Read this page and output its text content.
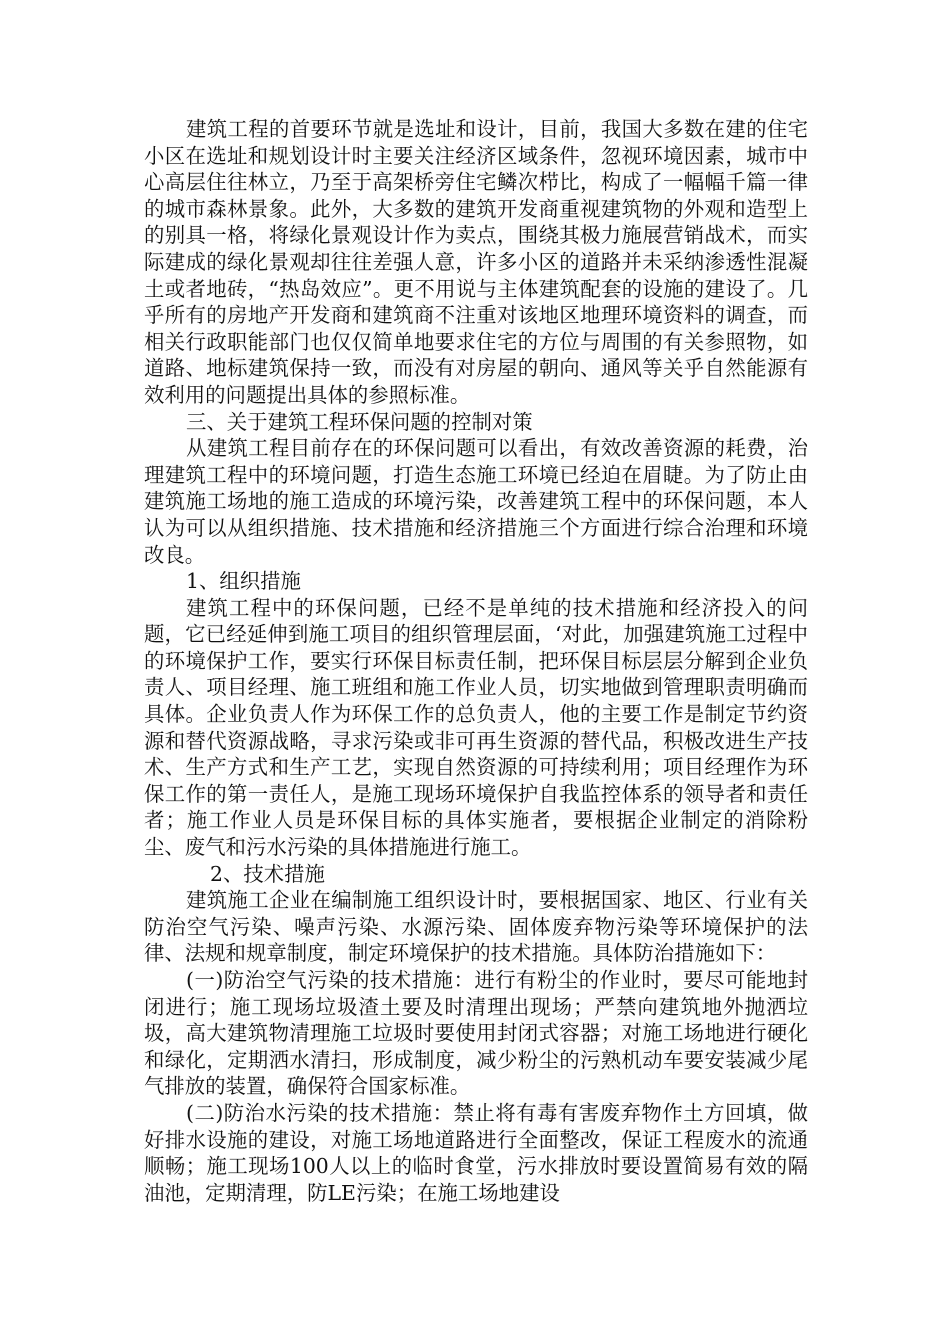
建筑工程的首要环节就是选址和设计，目前，我国大多数在建的住宅小区在选址和规划设计时主要关注经济区域条件，忽视环境因素，城市中心高层住往林立，乃至于高架桥旁住宅鳞次栉比，构成了一幅幅千篇一律的城市森林景象。此外，大多数的建筑开发商重视建筑物的外观和造型上的别具一格，将绿化景观设计作为卖点，围绕其极力施展营销战术，而实际建成的绿化景观却往往差强人意，许多小区的道路并未采纳渗透性混凝土或者地砖，“热岛效应”。更不用说与主体建筑配套的设施的建设了。几乎所有的房地产开发商和建筑商不注重对该地区地理环境资料的调查，而相关行政职能部门也仅仅简单地要求住宅的方位与周围的有关参照物，如道路、地标建筑保持一致，而没有对房屋的朝向、通风等关乎自然能源有效利用的问题提出具体的参照标准。

三、关于建筑工程环保问题的控制对策

从建筑工程目前存在的环保问题可以看出，有效改善资源的耗费，治理建筑工程中的环境问题，打造生态施工环境已经迫在眉睫。为了防止由建筑施工场地的施工造成的环境污染，改善建筑工程中的环保问题，本人认为可以从组织措施、技术措施和经济措施三个方面进行综合治理和环境改良。

1、组织措施

建筑工程中的环保问题，已经不是单纯的技术措施和经济投入的问题，它已经延伸到施工项目的组织管理层面，‘对此，加强建筑施工过程中的环境保护工作，要实行环保目标责任制，把环保目标层层分解到企业负责人、项目经理、施工班组和施工作业人员，切实地做到管理职责明确而具体。企业负责人作为环保工作的总负责人，他的主要工作是制定节约资源和替代资源战略，寻求污染或非可再生资源的替代品，积极改进生产技术、生产方式和生产工艺，实现自然资源的可持续利用；项目经理作为环保工作的第一责任人，是施工现场环境保护自我监控体系的领导者和责任者；施工作业人员是环保目标的具体实施者，要根据企业制定的消除粉尘、废气和污水污染的具体措施进行施工。

2、技术措施

建筑施工企业在编制施工组织设计时，要根据国家、地区、行业有关防治空气污染、噪声污染、水源污染、固体废弃物污染等环境保护的法律、法规和规章制度，制定环境保护的技术措施。具体防治措施如下：

(一)防治空气污染的技术措施：进行有粉尘的作业时，要尽可能地封闭进行；施工现场垃圾渣土要及时清理出现场；严禁向建筑地外抛洒垃圾，高大建筑物清理施工垃圾时要使用封闭式容器；对施工场地进行硬化和绿化，定期洒水清扫，形成制度，减少粉尘的污熟机动车要安装减少尾气排放的装置，确保符合国家标准。

(二)防治水污染的技术措施：禁止将有毒有害废弃物作土方回填，做好排水设施的建设，对施工场地道路进行全面整改，保证工程废水的流通顺畅；施工现场100人以上的临时食堂，污水排放时要设置简易有效的隔油池，定期清理，防LE污染；在施工场地建设
